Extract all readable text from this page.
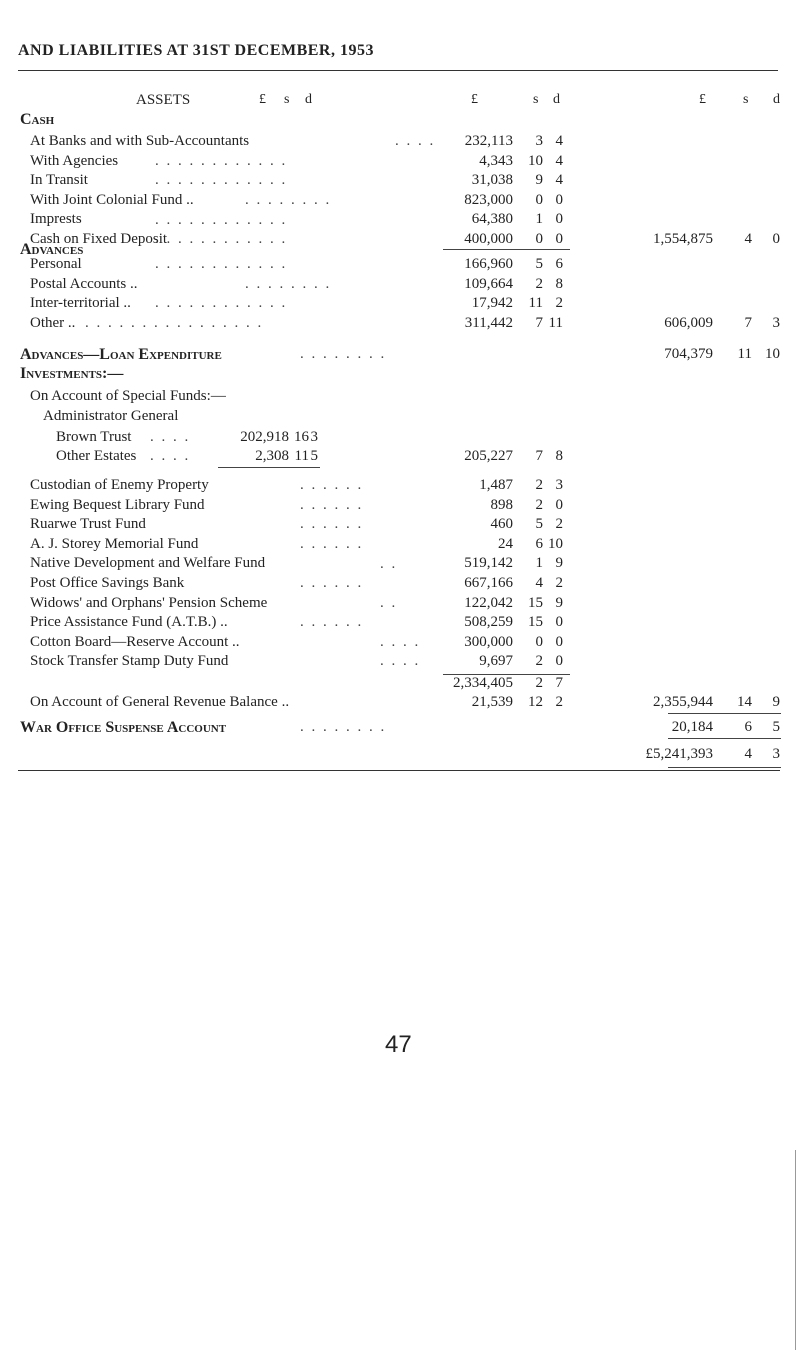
AND LIABILITIES AT 31ST DECEMBER, 1953
ASSETS	£ s d	£	s d	£	s d
Cash
At Banks and with Sub-Accountants	232,113 3 4
With Agencies	4,343 10 4
In Transit	31,038 9 4
With Joint Colonial Fund ..	823,000 0 0
Imprests	64,380 1 0
Cash on Fixed Deposit	400,000 0 0	1,554,875 4 0
Advances
Personal	166,960 5 6
Postal Accounts ..	109,664 2 8
Inter-territorial ..	17,942 11 2
Other ..	311,442 7 11	606,009 7 3
Advances—Loan Expenditure	704,379 11 10
Investments:—
On Account of Special Funds:—
Administrator General
Brown Trust	202,918 16 3
Other Estates	2,308 11 5	205,227 7 8
Custodian of Enemy Property	1,487 2 3
Ewing Bequest Library Fund	898 2 0
Ruarwe Trust Fund	460 5 2
A. J. Storey Memorial Fund	24 6 10
Native Development and Welfare Fund	519,142 1 9
Post Office Savings Bank	667,166 4 2
Widows' and Orphans' Pension Scheme	122,042 15 9
Price Assistance Fund (A.T.B.) ..	508,259 15 0
Cotton Board—Reserve Account ..	300,000 0 0
Stock Transfer Stamp Duty Fund	9,697 2 0
2,334,405 2 7
On Account of General Revenue Balance ..	21,539 12 2	2,355,944 14 9
War Office Suspense Account	20,184 6 5
£5,241,393 4 3
. . . .
. . . . . . . . . . . .
. . . . . . . . . . . .
. . . . . . . .
. . . . . . . . . . . .
. . . . . . . . . . . .
. . . . . . . . . . . .
. . . . . . . .
. . . . . . . . . . . .
. . . . . . . . . . . . . . . .
. . . . . . . .
. . . .
. . . .
. . . . . .
. . . . . .
. . . . . .
. . . . . .
. .
. . . . . .
. .
. . . . . .
. . . .
. . . .
. . . . . . . .
47
